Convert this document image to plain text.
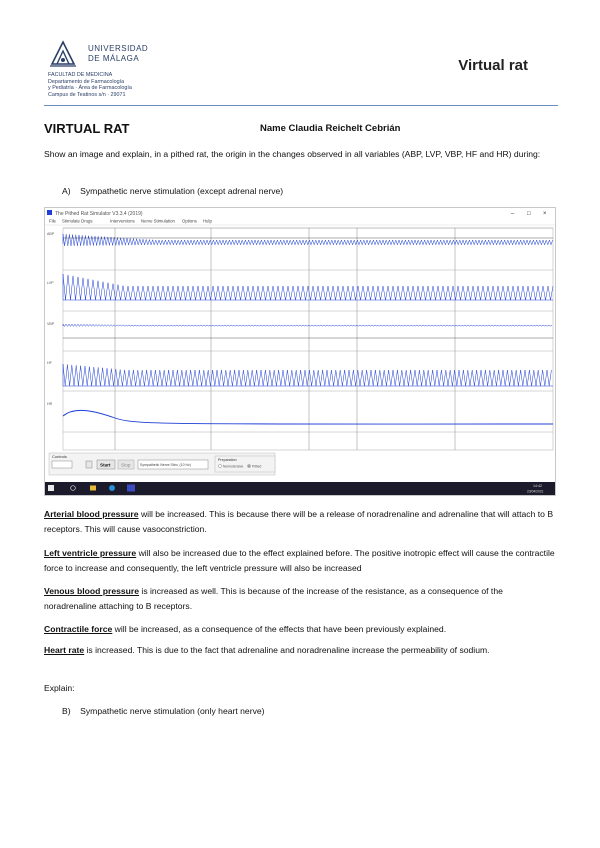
UNIVERSIDAD
DE MÁLAGA
FACULTAD DE MEDICINA
Departamento de Farmacología
y Pediatría · Área de Farmacología
Campus de Teatinos s/n · 29071
Virtual rat
VIRTUAL RAT	Name Claudia Reichelt Cebrián
Show an image and explain, in a pithed rat, the origin in the changes observed in all variables (ABP, LVP, VBP, HF and HR) during:
A)    Sympathetic nerve stimulation (except adrenal nerve)
The Pithed Rat Simulator V3.3.4 (2019)	– □ ×
File Stimulate Drugs	Interventions Nerve Stimulation Options Help
ABP
LVP
VBP
HF
HR
Controls
Start Stop	Sympathetic Nerve Stim. (10 Hz)
Preparation
Normotensive	Pithed
14:42
23/04/2021
Arterial blood pressure will be increased. This is because there will be a release of noradrenaline and adrenaline that will attach to B receptors. This will cause vasoconstriction.
Left ventricle pressure will also be increased due to the effect explained before. The positive inotropic effect will cause the contractile force to increase and consequently, the left ventricle pressure will also be increased
Venous blood pressure is increased as well. This is because of the increase of the resistance, as a consequence of the noradrenaline attaching to B receptors.
Contractile force will be increased, as a consequence of the effects that have been previously explained.
Heart rate is increased. This is due to the fact that adrenaline and noradrenaline increase the permeability of sodium.
Explain:
B)    Sympathetic nerve stimulation (only heart nerve)
